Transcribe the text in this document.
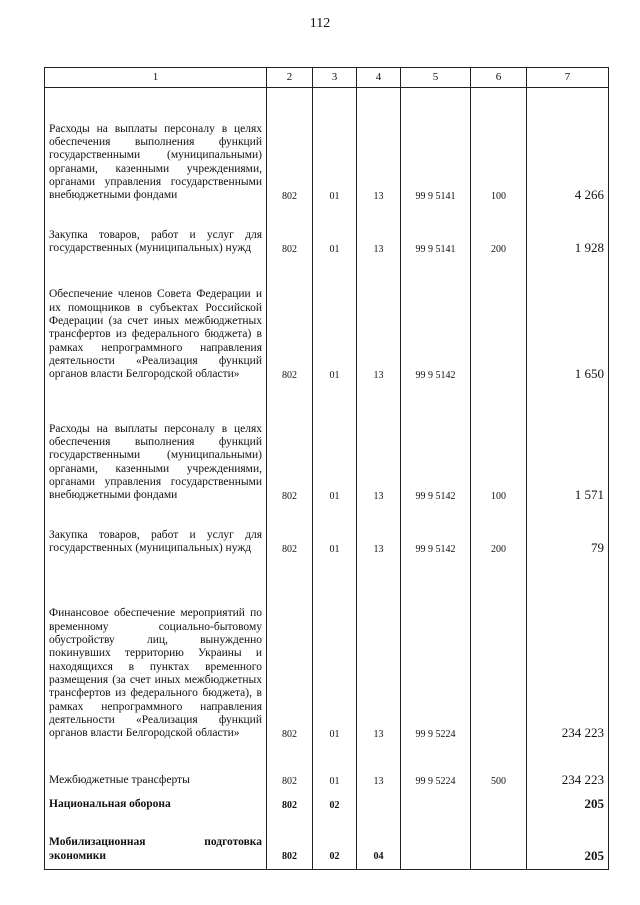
112
1	2	3	4	5	6	7
Расходы на выплаты персоналу в целях обеспечения выполнения функций государственными (муниципальными) органами, казенными учреждениями, органами управления государственными внебюджетными фондами	802	01	13	99 9 5141	100	4 266
Закупка товаров, работ и услуг для государственных (муниципальных) нужд	802	01	13	99 9 5141	200	1 928
Обеспечение членов Совета Федерации и их помощников в субъектах Российской Федерации (за счет иных межбюджетных трансфертов из федерального бюджета) в рамках непрограммного направления деятельности «Реализация функций органов власти Белгородской области»	802	01	13	99 9 5142		1 650
Расходы на выплаты персоналу в целях обеспечения выполнения функций государственными (муниципальными) органами, казенными учреждениями, органами управления государственными внебюджетными фондами	802	01	13	99 9 5142	100	1 571
Закупка товаров, работ и услуг для государственных (муниципальных) нужд	802	01	13	99 9 5142	200	79
Финансовое обеспечение мероприятий по временному социально-бытовому обустройству лиц, вынужденно покинувших территорию Украины и находящихся в пунктах временного размещения (за счет иных межбюджетных трансфертов из федерального бюджета), в рамках непрограммного направления деятельности «Реализация функций органов власти Белгородской области»	802	01	13	99 9 5224		234 223
Межбюджетные трансферты	802	01	13	99 9 5224	500	234 223
Национальная оборона	802	02				205
Мобилизационная подготовка экономики	802	02	04			205
